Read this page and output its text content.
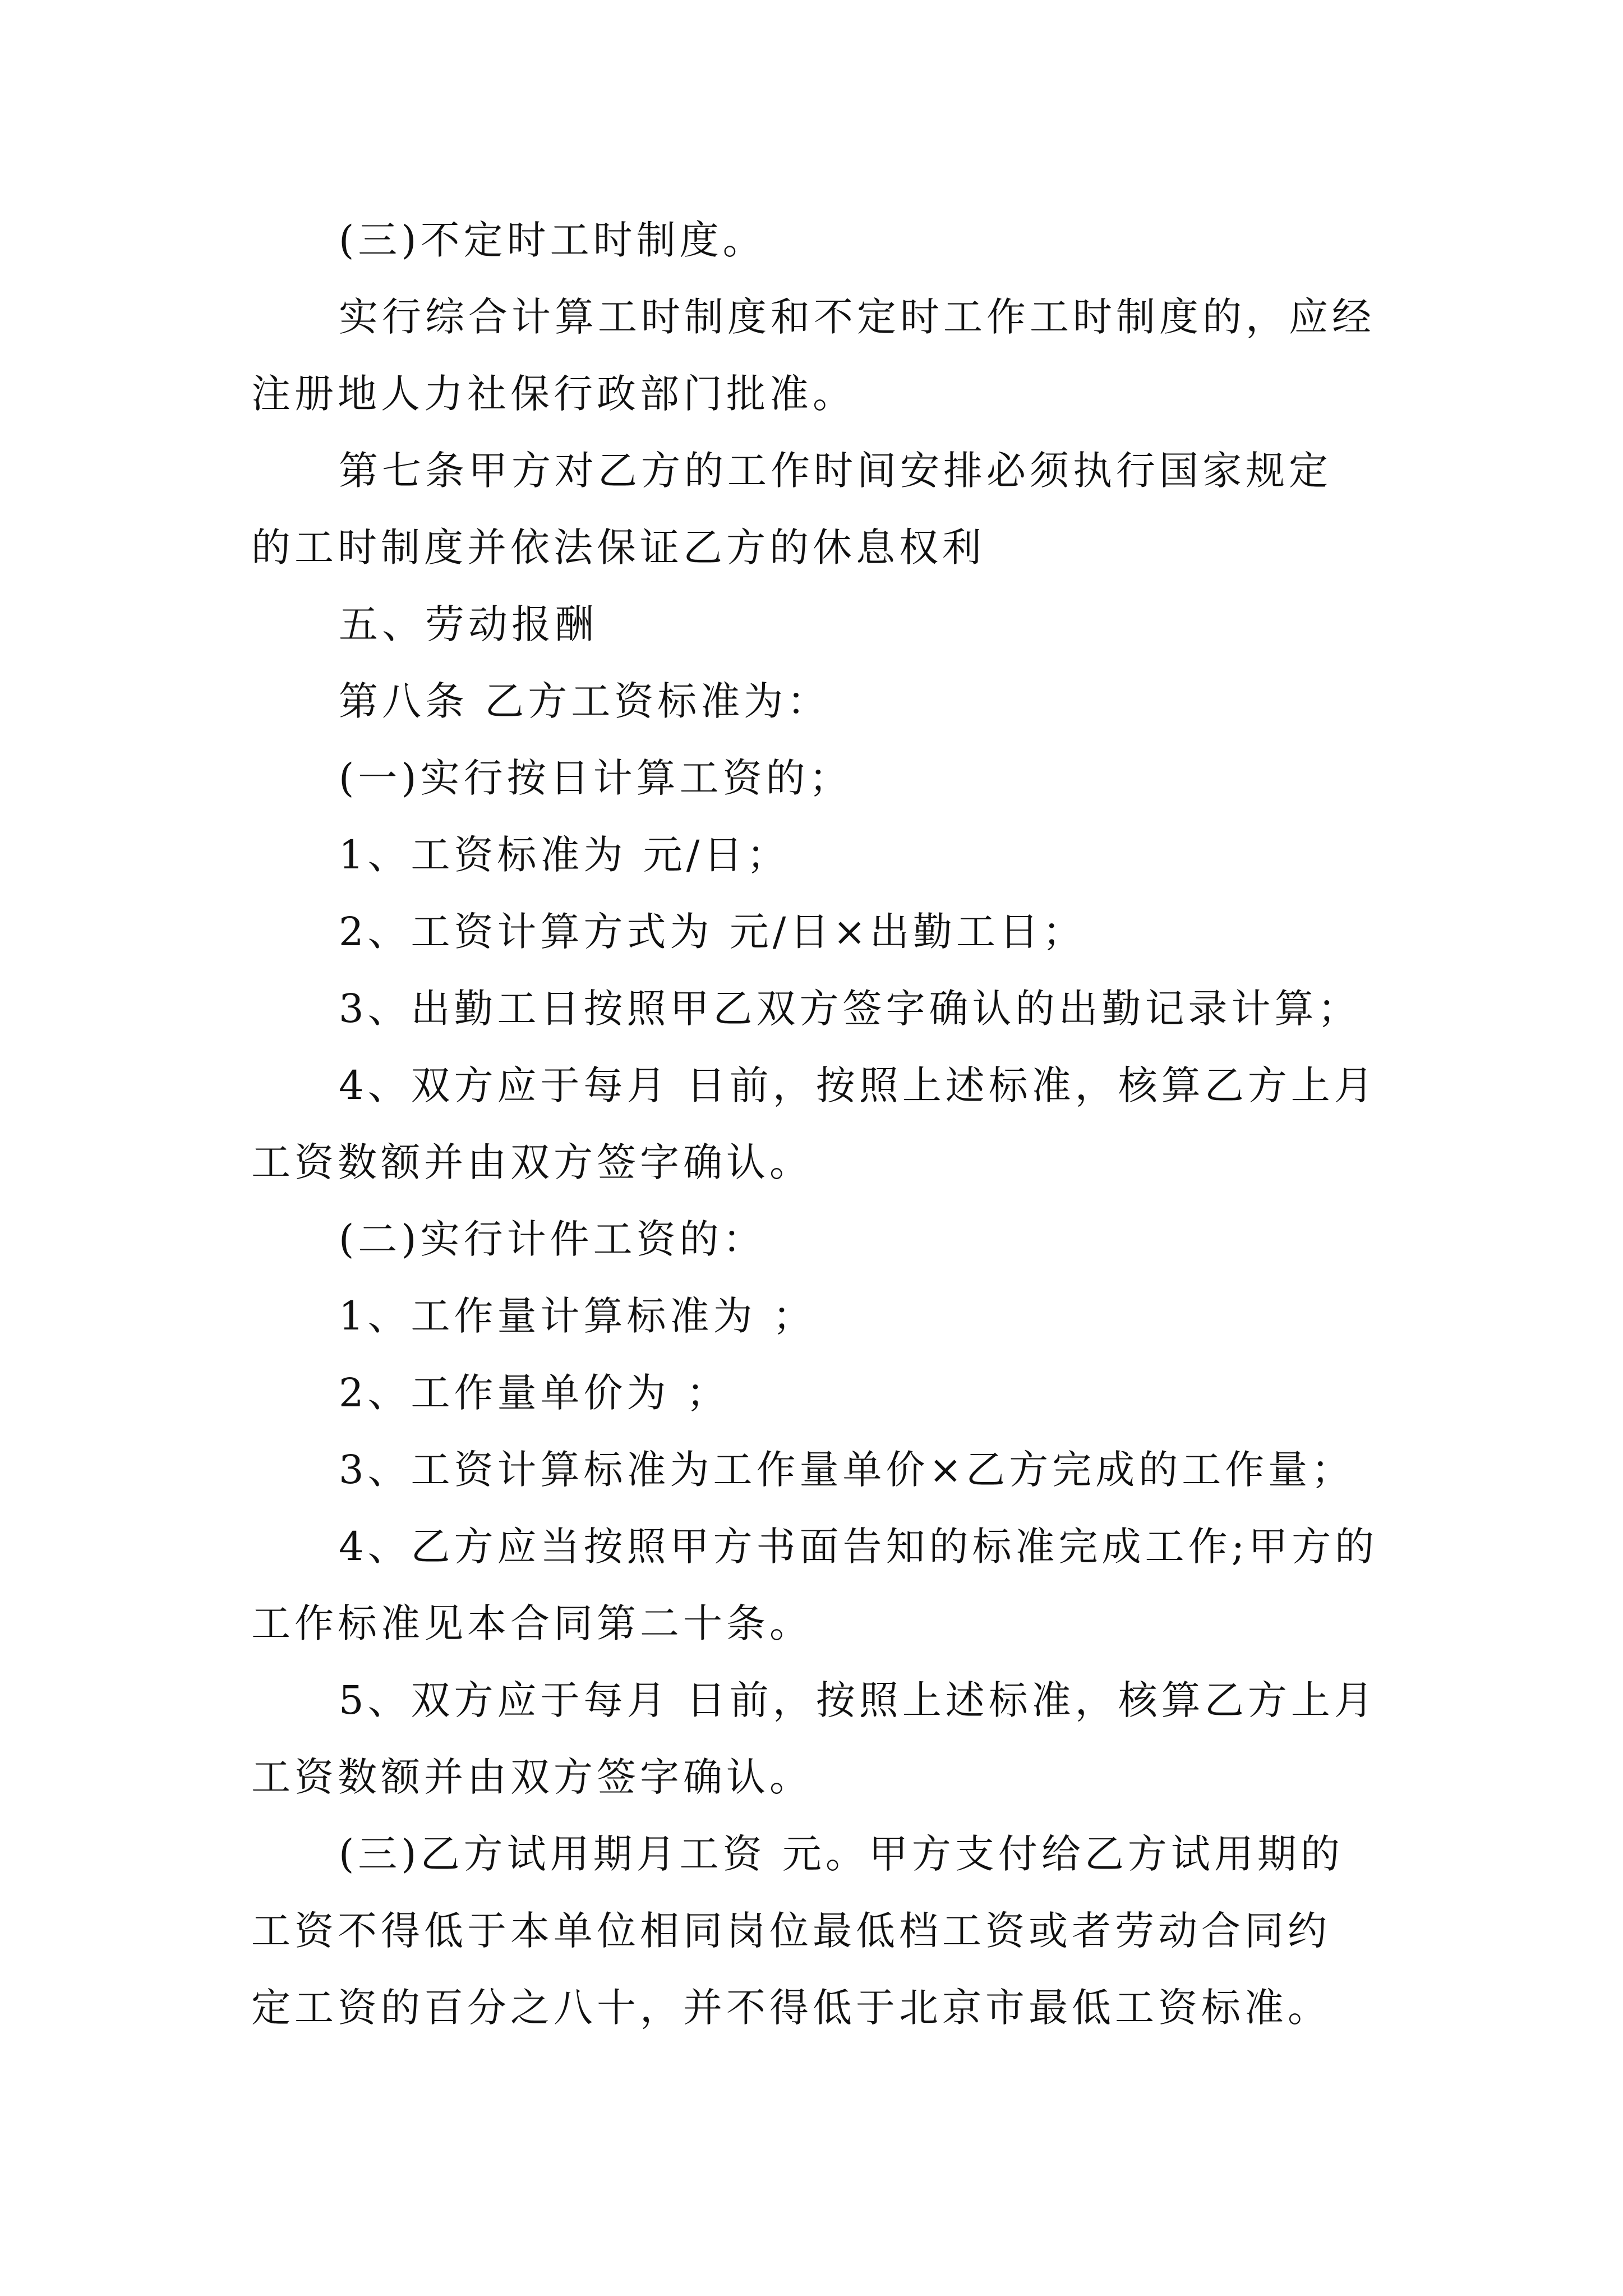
(三)不定时工时制度。
实行综合计算工时制度和不定时工作工时制度的，应经
注册地人力社保行政部门批准。
第七条甲方对乙方的工作时间安排必须执行国家规定
的工时制度并依法保证乙方的休息权利
五、劳动报酬
第八条 乙方工资标准为：
(一)实行按日计算工资的；
1、工资标准为 元/日；
2、工资计算方式为 元/日×出勤工日；
3、出勤工日按照甲乙双方签字确认的出勤记录计算；
4、双方应于每月 日前，按照上述标准，核算乙方上月
工资数额并由双方签字确认。
(二)实行计件工资的：
1、工作量计算标准为 ；
2、工作量单价为 ；
3、工资计算标准为工作量单价×乙方完成的工作量；
4、乙方应当按照甲方书面告知的标准完成工作;甲方的
工作标准见本合同第二十条。
5、双方应于每月 日前，按照上述标准，核算乙方上月
工资数额并由双方签字确认。
(三)乙方试用期月工资 元。甲方支付给乙方试用期的
工资不得低于本单位相同岗位最低档工资或者劳动合同约
定工资的百分之八十，并不得低于北京市最低工资标准。
